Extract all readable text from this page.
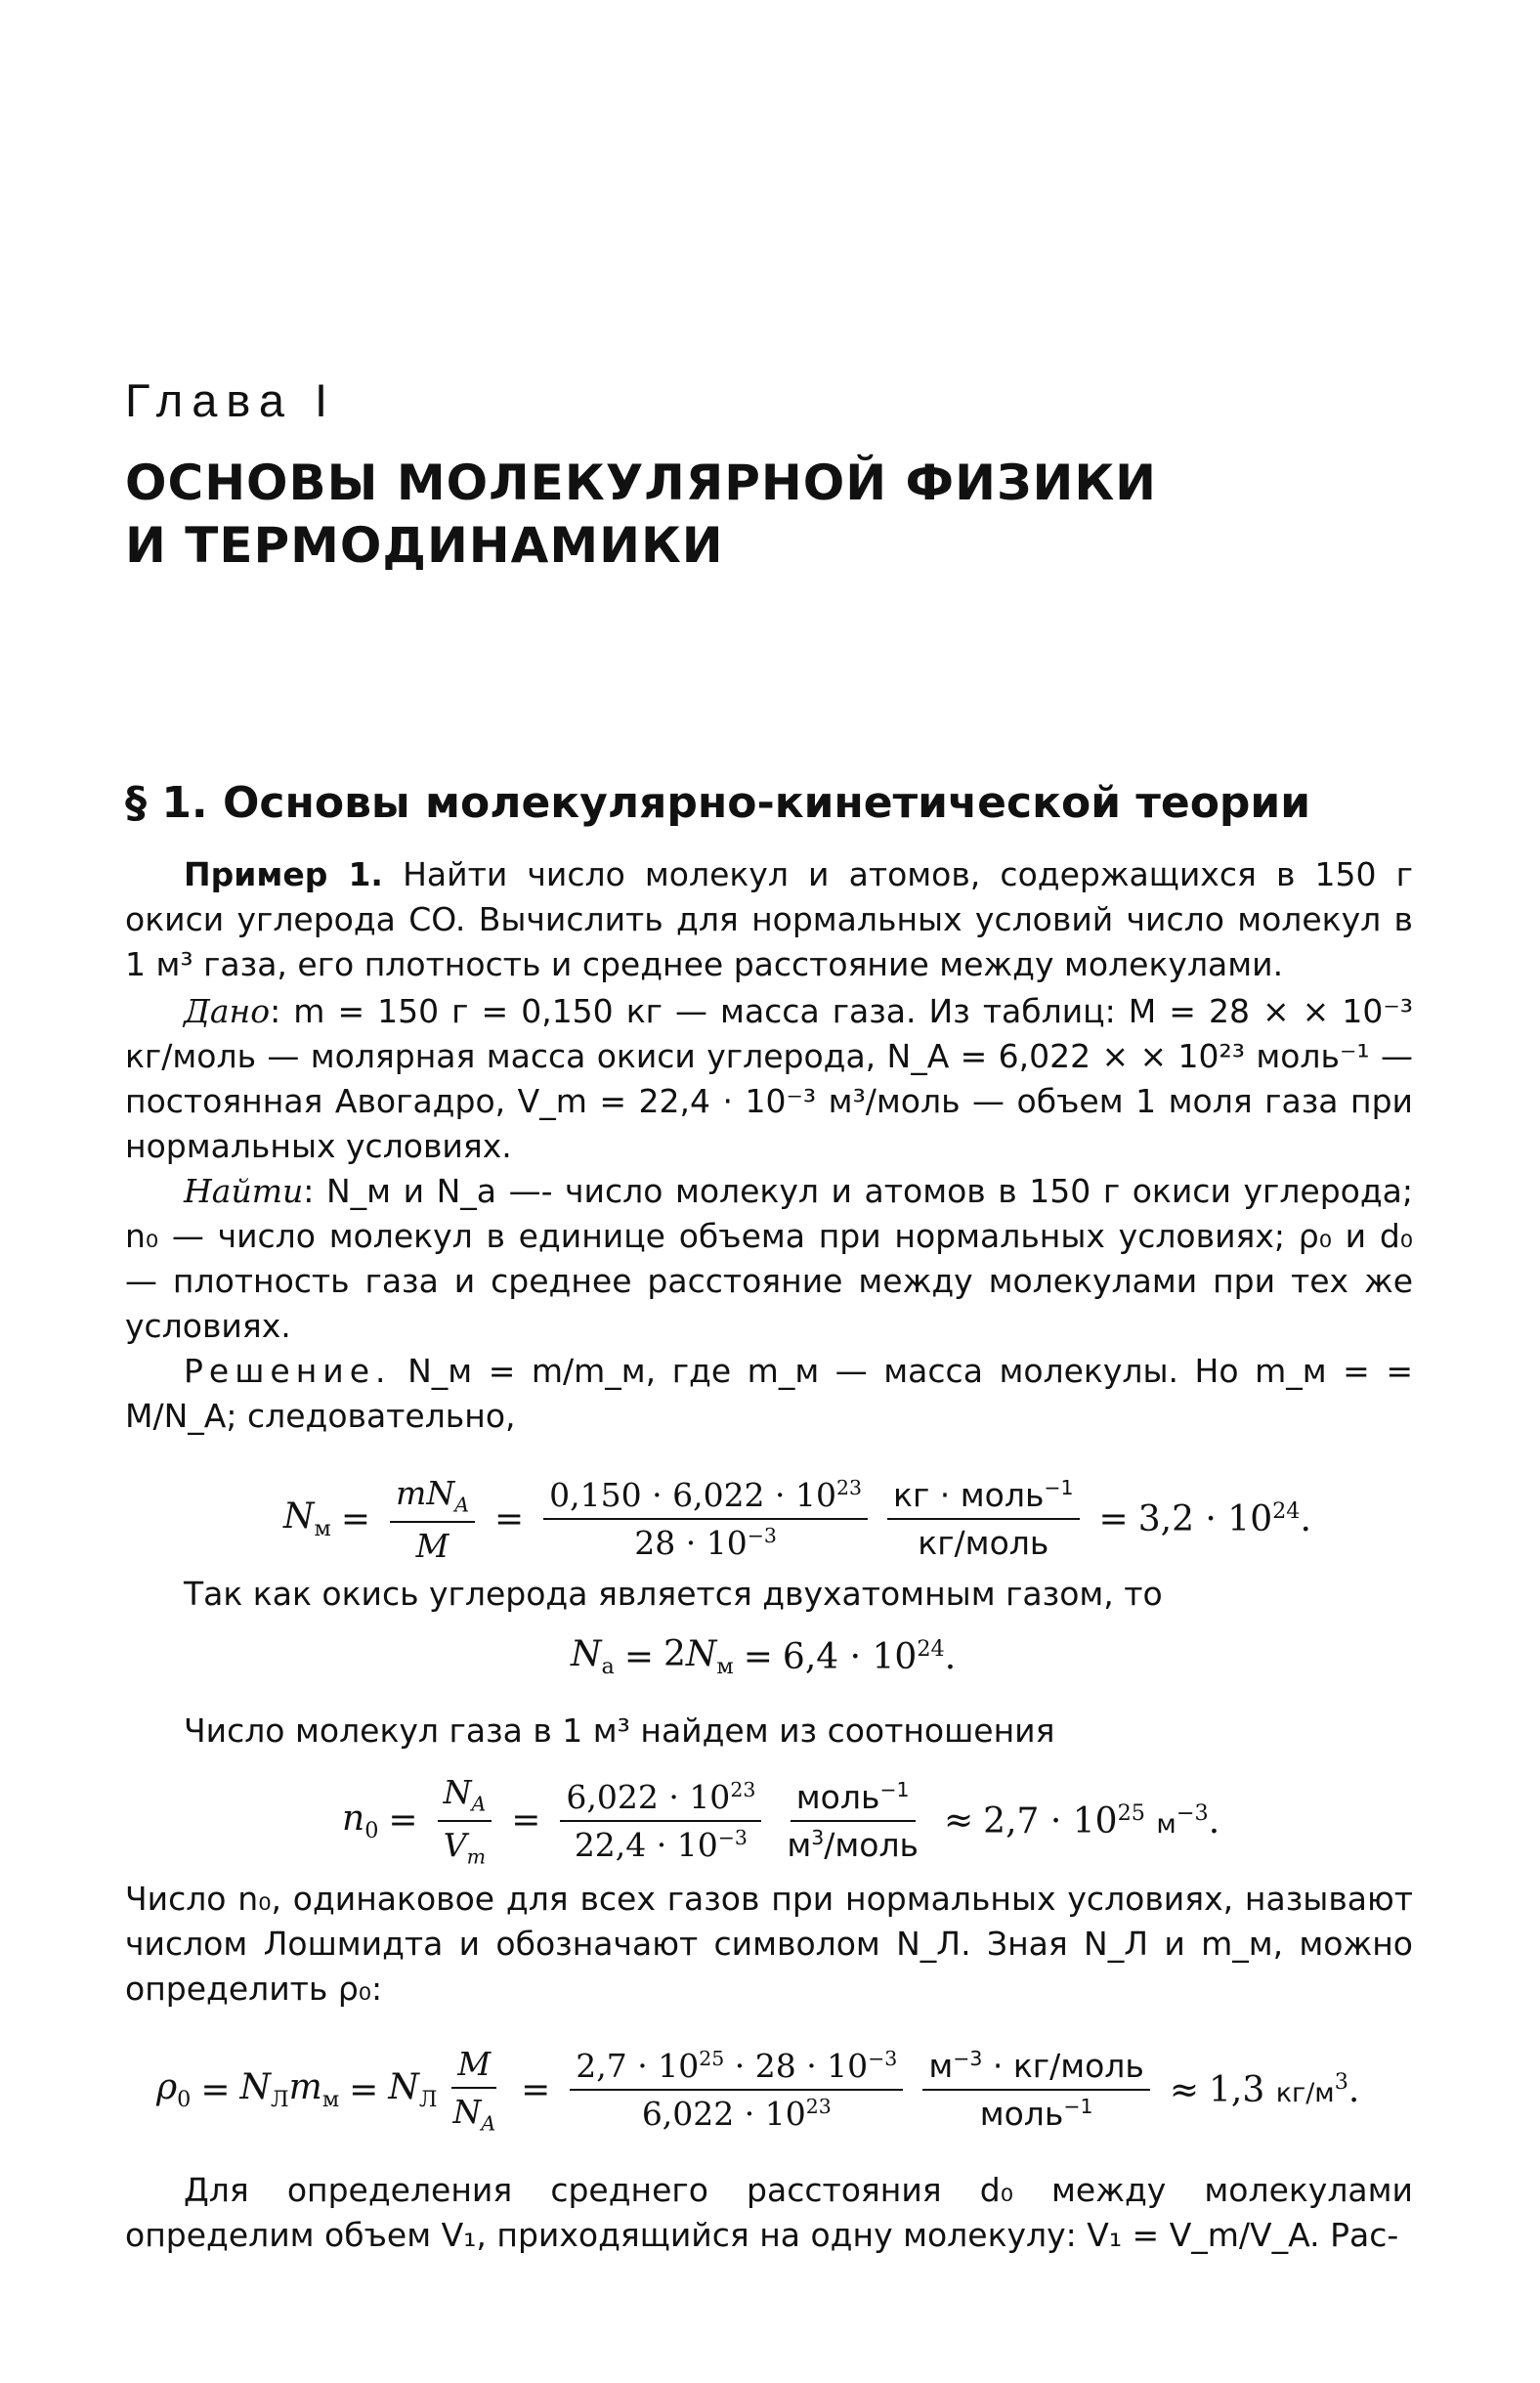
Глава I
ОСНОВЫ МОЛЕКУЛЯРНОЙ ФИЗИКИ
И ТЕРМОДИНАМИКИ
§ 1. Основы молекулярно-кинетической теории
Пример 1. Найти число молекул и атомов, содержащихся в 150 г окиси углерода CO. Вычислить для нормальных условий число молекул в 1 м³ газа, его плотность и среднее расстояние между молекулами.
Дано: m = 150 г = 0,150 кг — масса газа. Из таблиц: M = 28 × × 10⁻³ кг/моль — молярная масса окиси углерода, N_A = 6,022 × × 10²³ моль⁻¹ — постоянная Авогадро, V_m = 22,4 · 10⁻³ м³/моль — объем 1 моля газа при нормальных условиях.
Найти: N_м и N_а —- число молекул и атомов в 150 г окиси углерода; n₀ — число молекул в единице объема при нормальных условиях; ρ₀ и d₀ — плотность газа и среднее расстояние между молекулами при тех же условиях.
Решение. N_м = m/m_м, где m_м — масса молекулы. Но m_м = = M/N_A; следовательно,
$N_м = \frac{mN_A}{M} = \frac{0,150 \cdot 6,022 \cdot 10^{23}}{28 \cdot 10^{-3}} \frac{кг \cdot моль^{-1}}{\text{кг/моль}} = 3,2 \cdot 10^{24}$.
Так как окись углерода является двухатомным газом, то
$N_а = 2N_м = 6,4 \cdot 10^{24}$.
Число молекул газа в 1 м³ найдем из соотношения
$n_0 = \frac{N_A}{V_m} = \frac{6,022 \cdot 10^{23}}{22,4 \cdot 10^{-3}} \frac{моль^{-1}}{м^3/моль} \approx 2,7 \cdot 10^{25}$ $м^{-3}$.
Число n₀, одинаковое для всех газов при нормальных условиях, называют числом Лошмидта и обозначают символом N_Л. Зная N_Л и m_м, можно определить ρ₀:
$\rho_0 = N_Лm_м = N_Л \frac{M}{N_A} = \frac{2,7 \cdot 10^{25} \cdot 28 \cdot 10^{-3}}{6,022 \cdot 10^{23}} \frac{м^{-3} \cdot кг/моль}{моль^{-1}} \approx 1,3$ $кг/м^3$.
Для определения среднего расстояния d₀ между молекулами определим объем V₁, приходящийся на одну молекулу: V₁ = V_m/V_A. Рас-
